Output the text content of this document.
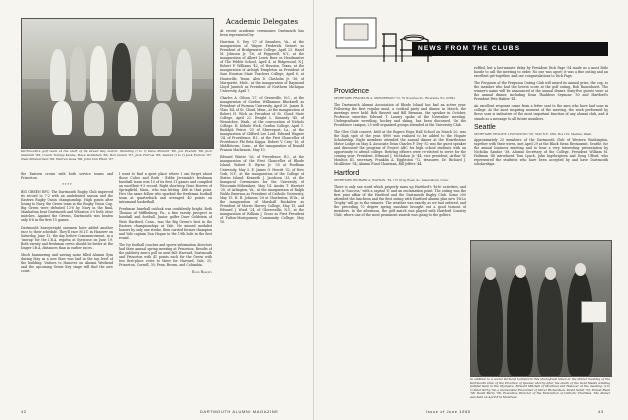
Dartmouth's golf team at the start of its Green Key match: Standing (l to r) Dave Pickard '66, Jon Everett '66, Jack Giannini '66, Coach Tommy Keane, Dave Goldstein '66, Don Gavan '67, Jack Farrow '65; Seated (l to r) Jack Farrow '67, Neal Zimmerman '66, Warren Goss '68, John Van Etten '67.

the Eastern crown with both service teams and Princeton.

* * * *

BIG GREEN RFC: The Dartmouth Rugby Club improved its record to 7-2 with an undefeated season and the Eastern Rugby Union championship. High points after losing to Navy, the Green team in the Rugby Union Cup. Big Green were defeated 13-6 by Navy in the final, Manhattan beat Dartmouth and Wheaton 3-0 both close matches. Against the Greens, Dartmouth was beaten only 8-6 in the first 15 games.

Dartmouth heavyweight oarsmen have added another race to their schedule. They'll race M.I.T. in Hanover on Saturday, June 12, the day before Commencement, in a 'unwap' for the I.R.A. regatta at Syracuse on June 19. Both varsity and freshman crews should be better at the longer I.R.A. distances than in earlier races.

Much hammering and sawing noise filled Alumni Gym during May as a new floor was laid in the top level of the building. Visitors to Hanover on Alumni Weekend and the upcoming Green Key stage will find the new court.

I want to find a quiet place where I can forget about those Colics and Rods - Eddie Jeremiah's freshman baseball team won 10 of its first 11 games and compiled an excellent 9-3 record. Right shortstop Gene Bowers of Springfield, Mass., who was hitting .466 at that point. He's the same fellow who sparked the freshman football team at quarterback and averaged 40 points on intramural basketball.

Freshman baseball outlook was confidently bright. Both Thomas of Mifflinburg, Pa., a fine varsity prospect in baseball and football. Junior golfer Dave Goldstein of West Hartford, Conn., was the Big Green's best in the Eastern championships at Yale. He missed medalist honors by only one stroke, then carried former champion and Yale captain Don Hogan to the 19th hole in the first round.

The Ivy football coaches and sports information directors had their annual spring meeting at Princeton. Results of the publicity men's poll on next fall: Harvard, Dartmouth and Princeton with 41 points each for the Green with two first-place votes to three for Harvard, Yale, 31, Princeton, Cornell, 30; Penn, Brown, and Columbia.

Ernie Roberts

Academic Delegates

At recent academic ceremonies Dartmouth has been represented by:

Harrison S. Dey '27 of Saunders, Va., at the inauguration of Wayne Frederick Geisert as President of Bridgewater College, April 23. Hazel M. Johnson Jr. '16, of Pepperell, N.Y., at the inauguration of Albert Lewis Baer as Headmaster of The Pebble School, April 4, at Ridgewood, N.J. Robert P. Williams '42, of Houston, Texas, at the inauguration of Arleigh Templeton as President of Sam Houston State Teachers College, April 6, at Huntsville, Texas. Alex D. Chisholm Jr. '36, of Marquette, Mich., at the inauguration of Raymond Lloyd Jamrich as President of Northern Michigan University, April 7.

Charles A. Gilson '27, of Greenville, N.C., at the inauguration of Gordon Williamson Blackwell as President of Furman University, April 20. James R. Vlais '44, of St. Cloud, Minn., at the inauguration of Robert H. Wick as President of St. Cloud State College, April 22. Dwight L. Kennedy '45, of Wenatchee, Wash., at the convocation of Nichols College. H. Kehnle Wick, Gordon College, April 1. Rudolph Peirce '25 of Shreveport, La., at the inauguration of Clifford Lee Lord. Edward Wagner '24, of Providence, R.I., at the First Chancellor of Providence Phi Beta Kappa. Robert V. Cray '16, of Middletown, Conn., at the inauguration of Ronald Francis Mackenzie, May 10.

Edward Winter '26, of Providence, R.I., at the inauguration of the First Chancellor of Rhode Island. Robert E. Byrne Jr. '30 at Fordham University, May 5. E. James O. Hewitt '32, of New York, N.Y., at the inauguration of the College of Staten Island. Kenneth J. Jacobsen '33, at the Inaugural Ceremonies for the University of Wisconsin-Milwaukee, May 14. Austin T. Harriott '28, of Arlington, Va., at the inauguration of Ralph Waldo Emerson as President of Catholic University, May 15. H. R. Johnson '28 at Charleston, W.Va., at the inauguration of Marshall Buckalew as President of Morris Harvey College, May 15, and Edward J. Wood '24, of Gloversville, N.Y., at the inauguration of William J. Gross as First President of Fulton-Montgomery Community College, May 16.

42	DARTMOUTH ALUMNI MAGAZINE
NEWS FROM THE CLUBS
Providence

SECRETARY, FRANKLIN A. SNEIDERSON '72, 70 Doverlee St., Riverside, R.I. 02991

The Dartmouth Alumni Association of Rhode Island has had an active year. Following the first regular meal, a cocktail party and dinner, in March, the meetings were held. Bob Bassett and Bill Brennan, the speaker in October, Professor emeritus Edward T. Lausey spoke of the November meeting. Undergraduate wrestling, hockey and skiing, has been discussed. On the Providence campus, 25 well-organized groups attended at the University Club.

The Glee Club concert, held at the Rogers Hope Hall School on March 20, was the high spot of the year. $900 was realized to be added to the Hogate Scholarship. Eight members attended the annual dinner at the Hearthstone Motor Lodge on May 4. Associate Dean Charles F. Dey '52 was the guest speaker and discussed the program of Project ABC for high school students with an opportunity to attend college. Retiring officers were re-elected to serve for the coming year: President, Edmund J. McMahon Jr. '44, vice president, Arthur W. Moulton III, secretary, Franklin A. Eggleston '72, treasurer, Dr. Richard J. McAllister '54; Alumni Fund Chairman, Bill Jeffers '44.

Hartford

SECRETARY, RICHARD A. WATSON, '59, 157 Drug Road, So. Glastonbury, Conn.

There is only one word which properly sums up Hartford's 'hi-lo' activities, and that is 'Success,' with a capital 'S' and an exclamation point. The outing was the first joint affair of the Hartford and the Dartmouth Rugby Club. Some 200 attended the luncheon and the first outing with Hartford alumni plus new 'Hi-Lo Trophy' will go to the winners. The weather was exactly as we had ordered, and the preceding 70 degree spring sunshine brought out a good turnout of members. In the afternoon, the golf match was played with Hartford Country Club, where one of the most prominent awards was going to the golfers.

ruffled, but a last-minute delay by President Dick Page '54 made us a most little hassle to call the meeting to order. No one was upset; it was a fine outing and an excellent get-together, and our congratulations to Dick Page.

The Ferguson of the Ferguson Outing Club will award its annual prize, the cup, to the member who had the lowest score at the golf outing, Bob Rauenhorst. The winner's name will be announced at the annual dinner. Sixty-five guests were at the annual dinner, including Dean Thaddeus Seymour '50 and Hartford's President Pete Hafner '41.

An excellent response came from a letter sent to the men who have had sons in college. At the most inspiring moment of the meeting, the work performed by these sons is indicative of the most important function of any alumni club, and it stands as a message to all future members.

Seattle

SECRETARY, PHILIP R. LIVINGSTON '58, 7643 N.E. 16th, Box 161, Medina, Wash.

Approximately 25 members of the Dartmouth Club of Western Washington, together with their wives, met April 29 at the Black Swan Restaurant, Seattle, for the annual business meeting and to hear a very interesting presentation by Nicholas Sandoe '38, Alumni Secretary of the College. President William M. Hultman '48 introduced Tom Lynch, John Ingebrigtsen and Doug Ufford, who represented the students who have been accepted by and have Dartmouth scholarships.

In addition to a social Vermont barnstorm this photograph taken at the dinner meeting of the Dartmouth Club of the Province of Quebec shortly after the death of the Gold Medal winning faithful team in the Olympics. Edward Mitchell of Montreal and Hanover at the meeting: (l to r) Peter Kirby '54, a memorable Encounter of Oliver Richardson; David Sabin '53, Ernest Reed '38; David Berry '58, Executive Director of the Federation of Catholic Charities. The dinner was held on April 8 in Montreal.
Issue of June 1965	43
